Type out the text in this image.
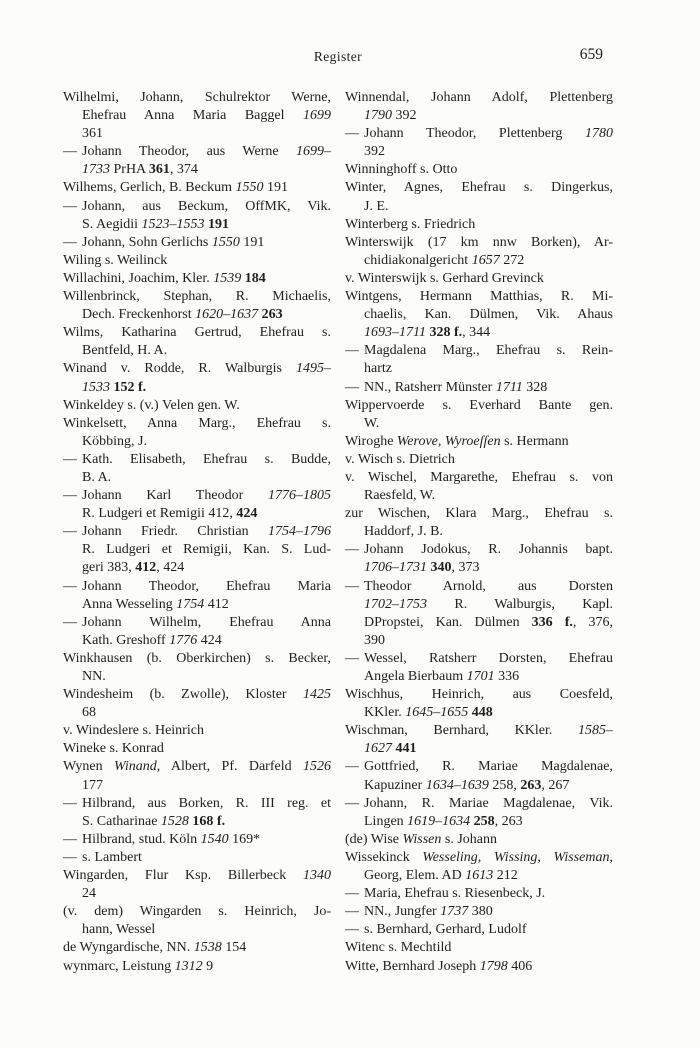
Register	659
Wilhelmi, Johann, Schulrektor Werne,
Ehefrau Anna Maria Baggel 1699
361
— Johann Theodor, aus Werne 1699–
1733 PrHA 361, 374
Wilhems, Gerlich, B. Beckum 1550 191
— Johann, aus Beckum, OffMK, Vik.
S. Aegidii 1523–1553 191
— Johann, Sohn Gerlichs 1550 191
Wiling s. Weilinck
Willachini, Joachim, Kler. 1539 184
Willenbrinck, Stephan, R. Michaelis,
Dech. Freckenhorst 1620–1637 263
Wilms, Katharina Gertrud, Ehefrau s.
Bentfeld, H. A.
Winand v. Rodde, R. Walburgis 1495–
1533 152 f.
Winkeldey s. (v.) Velen gen. W.
Winkelsett, Anna Marg., Ehefrau s.
Köbbing, J.
— Kath. Elisabeth, Ehefrau s. Budde,
B. A.
— Johann Karl Theodor 1776–1805
R. Ludgeri et Remigii 412, 424
— Johann Friedr. Christian 1754–1796
R. Ludgeri et Remigii, Kan. S. Lud-
geri 383, 412, 424
— Johann Theodor, Ehefrau Maria
Anna Wesseling 1754 412
— Johann Wilhelm, Ehefrau Anna
Kath. Greshoff 1776 424
Winkhausen (b. Oberkirchen) s. Becker,
NN.
Windesheim (b. Zwolle), Kloster 1425
68
v. Windeslere s. Heinrich
Wineke s. Konrad
Wynen Winand, Albert, Pf. Darfeld 1526
177
— Hilbrand, aus Borken, R. III reg. et
S. Catharinae 1528 168 f.
— Hilbrand, stud. Köln 1540 169*
— s. Lambert
Wingarden, Flur Ksp. Billerbeck 1340
24
(v. dem) Wingarden s. Heinrich, Jo-
hann, Wessel
de Wyngardische, NN. 1538 154
wynmarc, Leistung 1312 9
Winnendal, Johann Adolf, Plettenberg
1790 392
— Johann Theodor, Plettenberg 1780
392
Winninghoff s. Otto
Winter, Agnes, Ehefrau s. Dingerkus,
J. E.
Winterberg s. Friedrich
Winterswijk (17 km nnw Borken), Ar-
chidiakonalgericht 1657 272
v. Winterswijk s. Gerhard Grevinck
Wintgens, Hermann Matthias, R. Mi-
chaelis, Kan. Dülmen, Vik. Ahaus
1693–1711 328 f., 344
— Magdalena Marg., Ehefrau s. Rein-
hartz
— NN., Ratsherr Münster 1711 328
Wippervoerde s. Everhard Bante gen.
W.
Wiroghe Werove, Wyroeſſen s. Hermann
v. Wisch s. Dietrich
v. Wischel, Margarethe, Ehefrau s. von
Raesfeld, W.
zur Wischen, Klara Marg., Ehefrau s.
Haddorf, J. B.
— Johann Jodokus, R. Johannis bapt.
1706–1731 340, 373
— Theodor Arnold, aus Dorsten
1702–1753 R. Walburgis, Kapl.
DPropstei, Kan. Dülmen 336 f., 376,
390
— Wessel, Ratsherr Dorsten, Ehefrau
Angela Bierbaum 1701 336
Wischhus, Heinrich, aus Coesfeld,
KKler. 1645–1655 448
Wischman, Bernhard, KKler. 1585–
1627 441
— Gottfried, R. Mariae Magdalenae,
Kapuziner 1634–1639 258, 263, 267
— Johann, R. Mariae Magdalenae, Vik.
Lingen 1619–1634 258, 263
(de) Wise Wissen s. Johann
Wissekinck Wesseling, Wissing, Wisseman,
Georg, Elem. AD 1613 212
— Maria, Ehefrau s. Riesenbeck, J.
— NN., Jungfer 1737 380
— s. Bernhard, Gerhard, Ludolf
Witenc s. Mechtild
Witte, Bernhard Joseph 1798 406
